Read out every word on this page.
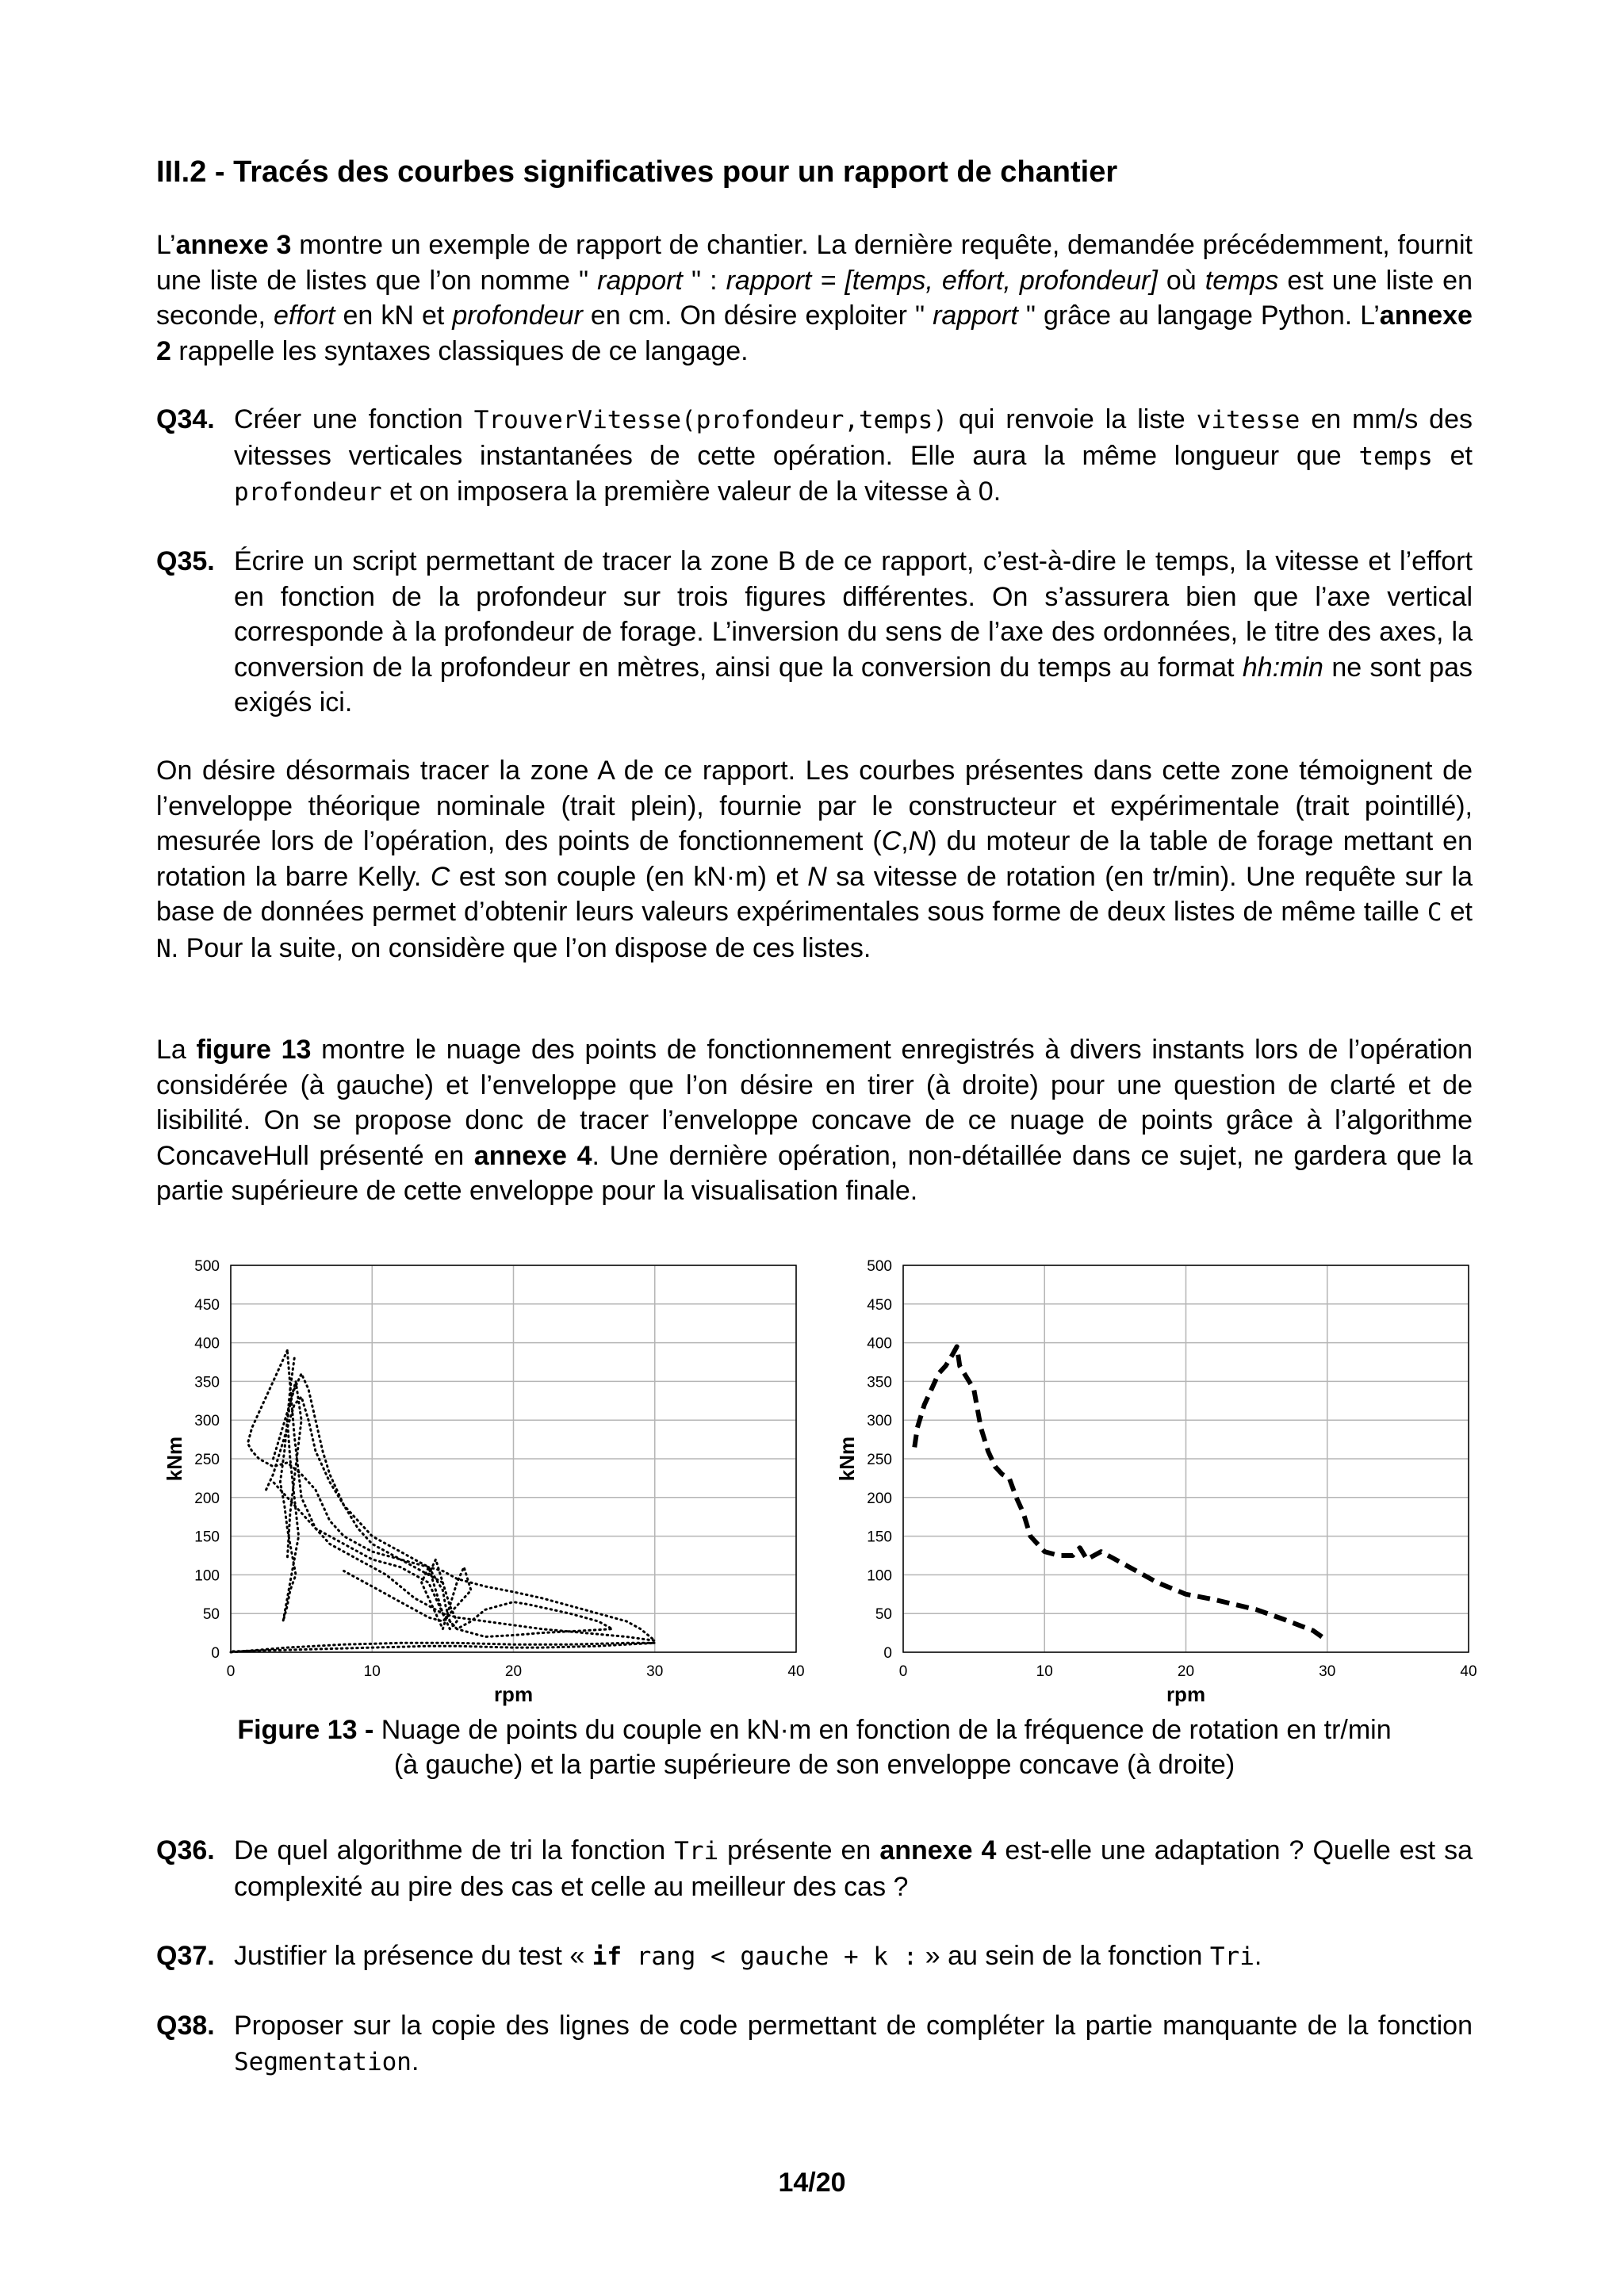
III.2 - Tracés des courbes significatives pour un rapport de chantier
L’annexe 3 montre un exemple de rapport de chantier. La dernière requête, demandée précédemment, fournit une liste de listes que l’on nomme " rapport " : rapport = [temps, effort, profondeur] où temps est une liste en seconde, effort en kN et profondeur en cm. On désire exploiter " rapport " grâce au langage Python. L’annexe 2 rappelle les syntaxes classiques de ce langage.
Q34. Créer une fonction TrouverVitesse(profondeur,temps) qui renvoie la liste vitesse en mm/s des vitesses verticales instantanées de cette opération. Elle aura la même longueur que temps et profondeur et on imposera la première valeur de la vitesse à 0.
Q35. Écrire un script permettant de tracer la zone B de ce rapport, c’est-à-dire le temps, la vitesse et l’effort en fonction de la profondeur sur trois figures différentes. On s’assurera bien que l’axe vertical corresponde à la profondeur de forage. L’inversion du sens de l’axe des ordonnées, le titre des axes, la conversion de la profondeur en mètres, ainsi que la conversion du temps au format hh:min ne sont pas exigés ici.
On désire désormais tracer la zone A de ce rapport. Les courbes présentes dans cette zone témoignent de l’enveloppe théorique nominale (trait plein), fournie par le constructeur et expérimentale (trait pointillé), mesurée lors de l’opération, des points de fonctionnement (C,N) du moteur de la table de forage mettant en rotation la barre Kelly. C est son couple (en kN·m) et N sa vitesse de rotation (en tr/min). Une requête sur la base de données permet d’obtenir leurs valeurs expérimentales sous forme de deux listes de même taille C et N. Pour la suite, on considère que l’on dispose de ces listes.
La figure 13 montre le nuage des points de fonctionnement enregistrés à divers instants lors de l’opération considérée (à gauche) et l’enveloppe que l’on désire en tirer (à droite) pour une question de clarté et de lisibilité. On se propose donc de tracer l’enveloppe concave de ce nuage de points grâce à l’algorithme ConcaveHull présenté en annexe 4. Une dernière opération, non-détaillée dans ce sujet, ne gardera que la partie supérieure de cette enveloppe pour la visualisation finale.
0
50
100
150
200
250
300
350
400
450
500
0	10	20	30	40
rpm
kNm
0
50
100
150
200
250
300
350
400
450
500
0	10	20	30	40
rpm
kNm
Figure 13 - Nuage de points du couple en kN·m en fonction de la fréquence de rotation en tr/min
(à gauche) et la partie supérieure de son enveloppe concave (à droite)
Q36. De quel algorithme de tri la fonction Tri présente en annexe 4 est-elle une adaptation ? Quelle est sa complexité au pire des cas et celle au meilleur des cas ?
Q37. Justifier la présence du test « if rang < gauche + k : » au sein de la fonction Tri.
Q38. Proposer sur la copie des lignes de code permettant de compléter la partie manquante de la fonction Segmentation.
14/20
